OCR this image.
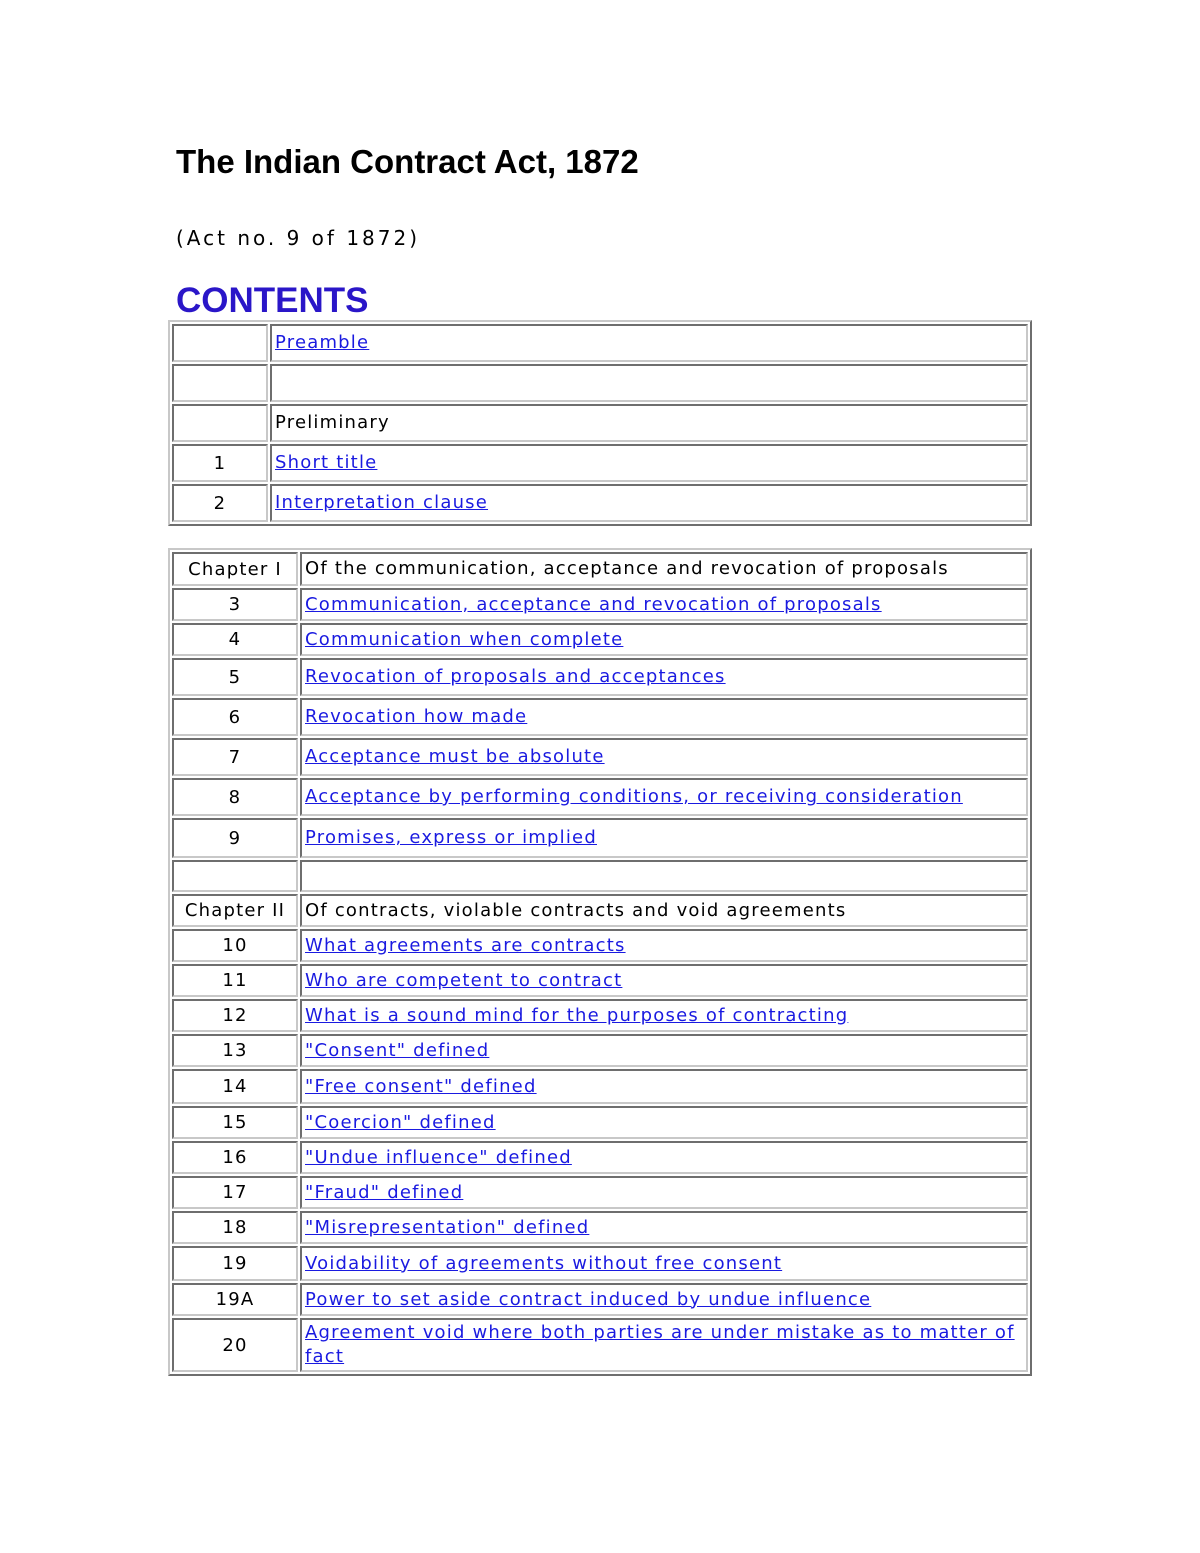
The Indian Contract Act, 1872

(Act no. 9 of 1872)

CONTENTS
	Preamble

	Preliminary
1	Short title
2	Interpretation clause
Chapter I	Of the communication, acceptance and revocation of proposals
3	Communication, acceptance and revocation of proposals
4	Communication when complete
5	Revocation of proposals and acceptances
6	Revocation how made
7	Acceptance must be absolute
8	Acceptance by performing conditions, or receiving consideration
9	Promises, express or implied

Chapter II	Of contracts, violable contracts and void agreements
10	What agreements are contracts
11	Who are competent to contract
12	What is a sound mind for the purposes of contracting
13	"Consent" defined
14	"Free consent" defined
15	"Coercion" defined
16	"Undue influence" defined
17	"Fraud" defined
18	"Misrepresentation" defined
19	Voidability of agreements without free consent
19A	Power to set aside contract induced by undue influence
20	Agreement void where both parties are under mistake as to matter of fact
